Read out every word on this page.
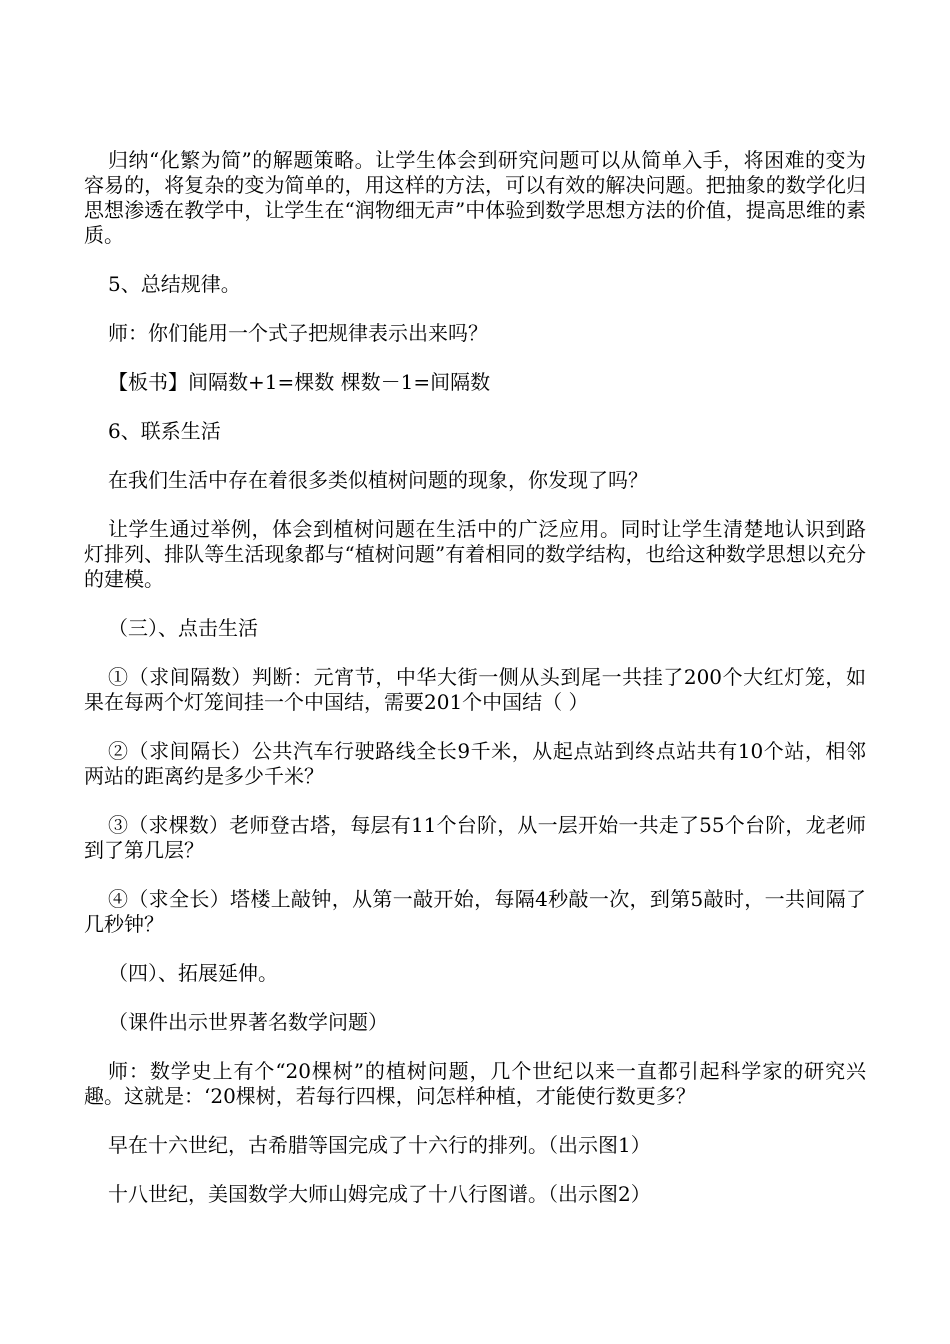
归纳“化繁为简”的解题策略。让学生体会到研究问题可以从简单入手，将困难的变为容易的，将复杂的变为简单的，用这样的方法，可以有效的解决问题。把抽象的数学化归思想渗透在教学中，让学生在“润物细无声”中体验到数学思想方法的价值，提高思维的素质。

5、总结规律。

师：你们能用一个式子把规律表示出来吗？

【板书】间隔数+1=棵数 棵数－1=间隔数

6、联系生活

在我们生活中存在着很多类似植树问题的现象，你发现了吗？

让学生通过举例，体会到植树问题在生活中的广泛应用。同时让学生清楚地认识到路灯排列、排队等生活现象都与“植树问题”有着相同的数学结构，也给这种数学思想以充分的建模。

（三）、点击生活

①（求间隔数）判断：元宵节，中华大街一侧从头到尾一共挂了200个大红灯笼，如果在每两个灯笼间挂一个中国结，需要201个中国结（ ）

②（求间隔长）公共汽车行驶路线全长9千米，从起点站到终点站共有10个站，相邻两站的距离约是多少千米？

③（求棵数）老师登古塔，每层有11个台阶，从一层开始一共走了55个台阶，龙老师到了第几层？

④（求全长）塔楼上敲钟，从第一敲开始，每隔4秒敲一次，到第5敲时，一共间隔了几秒钟？

（四）、拓展延伸。

（课件出示世界著名数学问题）

师：数学史上有个“20棵树”的植树问题，几个世纪以来一直都引起科学家的研究兴趣。这就是：‘20棵树，若每行四棵，问怎样种植，才能使行数更多？

早在十六世纪，古希腊等国完成了十六行的排列。（出示图1）

十八世纪，美国数学大师山姆完成了十八行图谱。（出示图2）
